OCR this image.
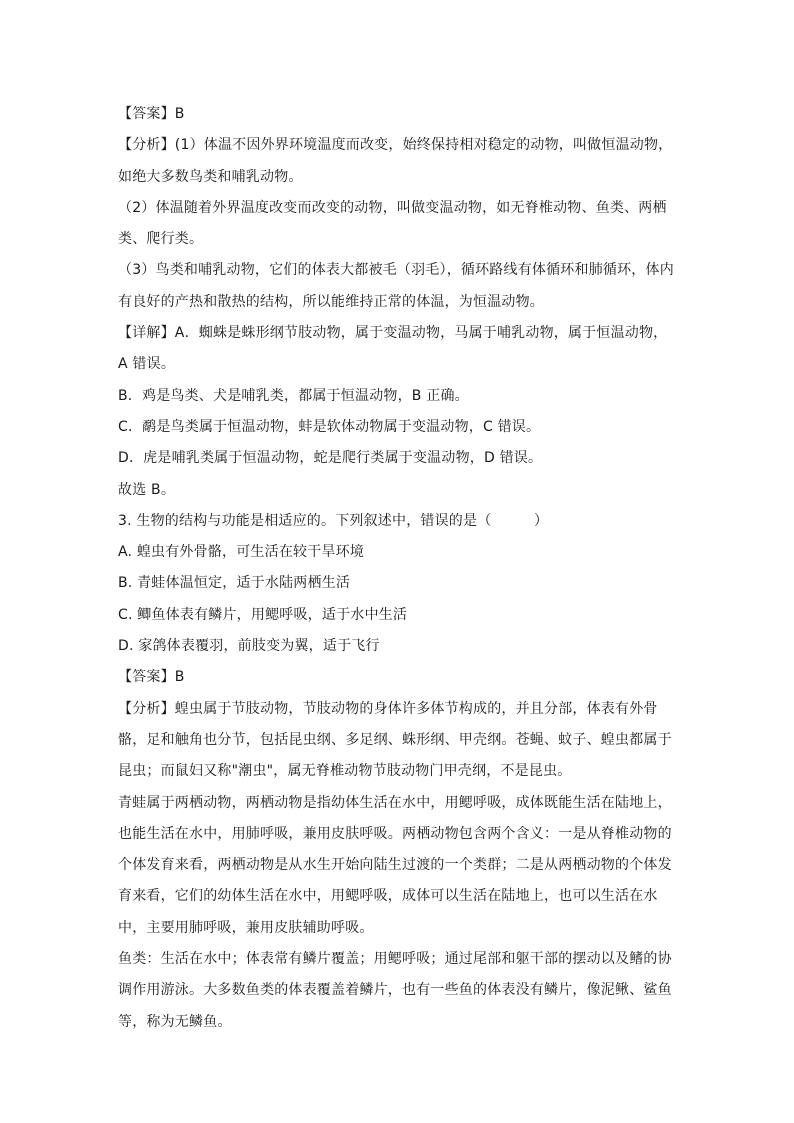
【答案】B
【分析】(1）体温不因外界环境温度而改变，始终保持相对稳定的动物，叫做恒温动物，
如绝大多数鸟类和哺乳动物。
（2）体温随着外界温度改变而改变的动物，叫做变温动物，如无脊椎动物、鱼类、两栖
类、爬行类。
（3）鸟类和哺乳动物，它们的体表大都被毛（羽毛），循环路线有体循环和肺循环，体内
有良好的产热和散热的结构，所以能维持正常的体温，为恒温动物。
【详解】A．蜘蛛是蛛形纲节肢动物，属于变温动物，马属于哺乳动物，属于恒温动物，
A 错误。
B．鸡是鸟类、犬是哺乳类，都属于恒温动物，B 正确。
C．鹬是鸟类属于恒温动物，蚌是软体动物属于变温动物，C 错误。
D．虎是哺乳类属于恒温动物，蛇是爬行类属于变温动物，D 错误。
故选 B。
3. 生物的结构与功能是相适应的。下列叙述中，错误的是（　　　）
A. 蝗虫有外骨骼，可生活在较干旱环境
B. 青蛙体温恒定，适于水陆两栖生活
C. 鲫鱼体表有鳞片，用鳃呼吸，适于水中生活
D. 家鸽体表覆羽，前肢变为翼，适于飞行
【答案】B
【分析】蝗虫属于节肢动物，节肢动物的身体许多体节构成的，并且分部，体表有外骨
骼，足和触角也分节，包括昆虫纲、多足纲、蛛形纲、甲壳纲。苍蝇、蚊子、蝗虫都属于
昆虫；而鼠妇又称"潮虫"，属无脊椎动物节肢动物门甲壳纲，不是昆虫。
青蛙属于两栖动物，两栖动物是指幼体生活在水中，用鳃呼吸，成体既能生活在陆地上，
也能生活在水中，用肺呼吸，兼用皮肤呼吸。两栖动物包含两个含义：一是从脊椎动物的
个体发育来看，两栖动物是从水生开始向陆生过渡的一个类群；二是从两栖动物的个体发
育来看，它们的幼体生活在水中，用鳃呼吸，成体可以生活在陆地上，也可以生活在水
中，主要用肺呼吸，兼用皮肤辅助呼吸。
鱼类：生活在水中；体表常有鳞片覆盖；用鳃呼吸；通过尾部和躯干部的摆动以及鳍的协
调作用游泳。大多数鱼类的体表覆盖着鳞片，也有一些鱼的体表没有鳞片，像泥鳅、鲨鱼
等，称为无鳞鱼。
